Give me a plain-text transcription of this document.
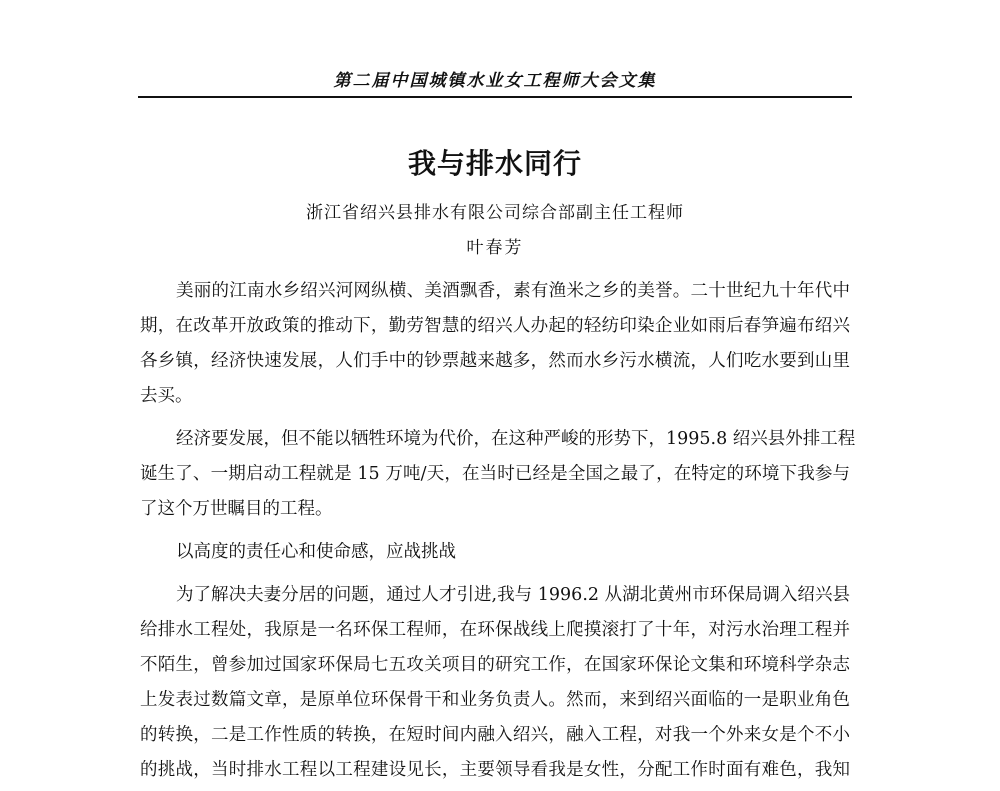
第二届中国城镇水业女工程师大会文集
我与排水同行
浙江省绍兴县排水有限公司综合部副主任工程师
叶春芳
美丽的江南水乡绍兴河网纵横、美酒飘香，素有渔米之乡的美誉。二十世纪九十年代中
期，在改革开放政策的推动下，勤劳智慧的绍兴人办起的轻纺印染企业如雨后春笋遍布绍兴
各乡镇，经济快速发展，人们手中的钞票越来越多，然而水乡污水横流，人们吃水要到山里
去买。
经济要发展，但不能以牺牲环境为代价，在这种严峻的形势下，1995.8 绍兴县外排工程
诞生了、一期启动工程就是 15 万吨/天，在当时已经是全国之最了，在特定的环境下我参与
了这个万世瞩目的工程。
以高度的责任心和使命感，应战挑战
为了解决夫妻分居的问题，通过人才引进,我与 1996.2 从湖北黄州市环保局调入绍兴县
给排水工程处，我原是一名环保工程师，在环保战线上爬摸滚打了十年，对污水治理工程并
不陌生，曾参加过国家环保局七五攻关项目的研究工作，在国家环保论文集和环境科学杂志
上发表过数篇文章，是原单位环保骨干和业务负责人。然而，来到绍兴面临的一是职业角色
的转换，二是工作性质的转换，在短时间内融入绍兴，融入工程，对我一个外来女是个不小
的挑战，当时排水工程以工程建设见长，主要领导看我是女性，分配工作时面有难色，我知
